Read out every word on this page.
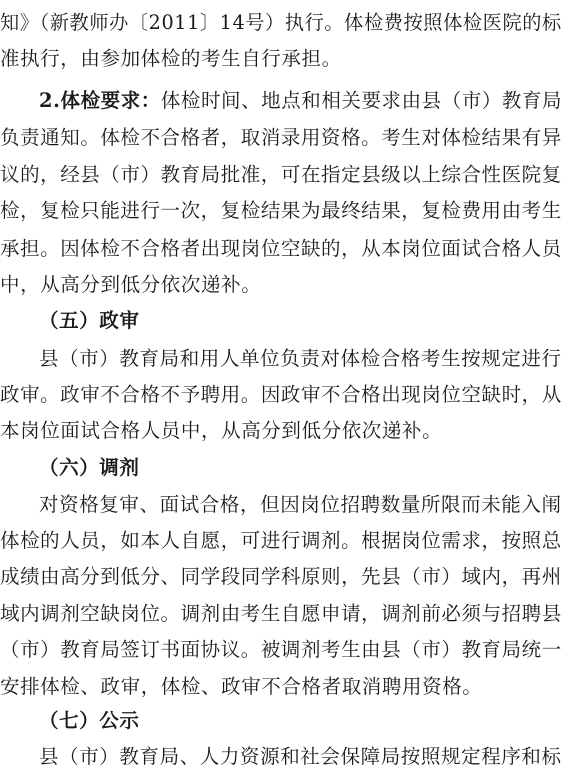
知》（新教师办〔2011〕14号）执行。体检费按照体检医院的标
准执行，由参加体检的考生自行承担。
2.体检要求：体检时间、地点和相关要求由县（市）教育局
负责通知。体检不合格者，取消录用资格。考生对体检结果有异
议的，经县（市）教育局批准，可在指定县级以上综合性医院复
检，复检只能进行一次，复检结果为最终结果，复检费用由考生
承担。因体检不合格者出现岗位空缺的，从本岗位面试合格人员
中，从高分到低分依次递补。
（五）政审
县（市）教育局和用人单位负责对体检合格考生按规定进行
政审。政审不合格不予聘用。因政审不合格出现岗位空缺时，从
本岗位面试合格人员中，从高分到低分依次递补。
（六）调剂
对资格复审、面试合格，但因岗位招聘数量所限而未能入闱
体检的人员，如本人自愿，可进行调剂。根据岗位需求，按照总
成绩由高分到低分、同学段同学科原则，先县（市）域内，再州
域内调剂空缺岗位。调剂由考生自愿申请，调剂前必须与招聘县
（市）教育局签订书面协议。被调剂考生由县（市）教育局统一
安排体检、政审，体检、政审不合格者取消聘用资格。
（七）公示
县（市）教育局、人力资源和社会保障局按照规定程序和标
